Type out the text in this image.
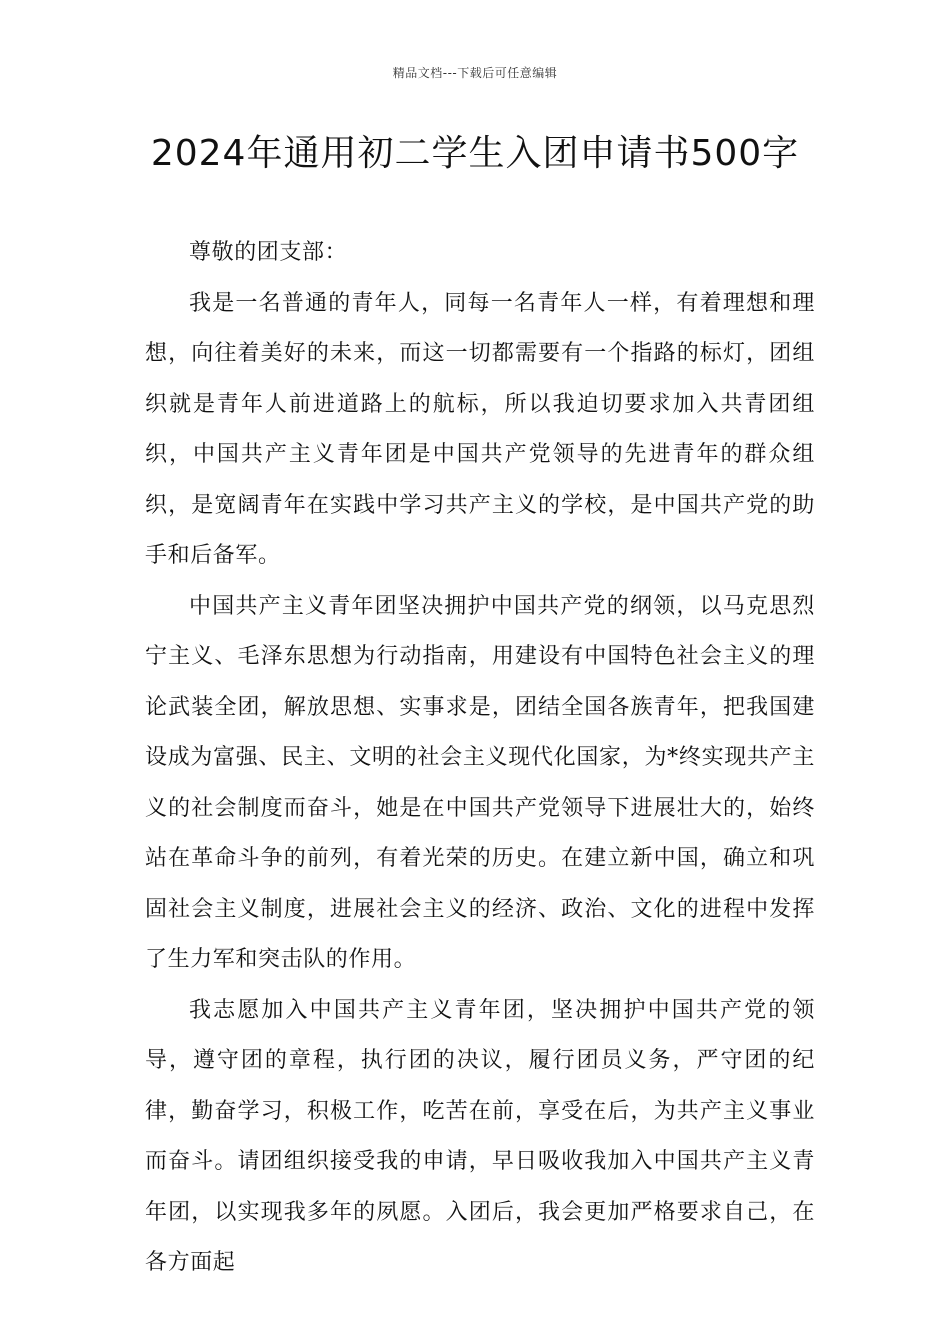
精品文档---下载后可任意编辑
2024年通用初二学生入团申请书500字

尊敬的团支部：

我是一名普通的青年人，同每一名青年人一样，有着理想和理想，向往着美好的未来，而这一切都需要有一个指路的标灯，团组织就是青年人前进道路上的航标，所以我迫切要求加入共青团组织，中国共产主义青年团是中国共产党领导的先进青年的群众组织，是宽阔青年在实践中学习共产主义的学校，是中国共产党的助手和后备军。

中国共产主义青年团坚决拥护中国共产党的纲领，以马克思烈宁主义、毛泽东思想为行动指南，用建设有中国特色社会主义的理论武装全团，解放思想、实事求是，团结全国各族青年，把我国建设成为富强、民主、文明的社会主义现代化国家，为*终实现共产主义的社会制度而奋斗，她是在中国共产党领导下进展壮大的，始终站在革命斗争的前列，有着光荣的历史。在建立新中国，确立和巩固社会主义制度，进展社会主义的经济、政治、文化的进程中发挥了生力军和突击队的作用。

我志愿加入中国共产主义青年团，坚决拥护中国共产党的领导，遵守团的章程，执行团的决议，履行团员义务，严守团的纪律，勤奋学习，积极工作，吃苦在前，享受在后，为共产主义事业而奋斗。请团组织接受我的申请，早日吸收我加入中国共产主义青年团，以实现我多年的夙愿。入团后，我会更加严格要求自己，在各方面起
